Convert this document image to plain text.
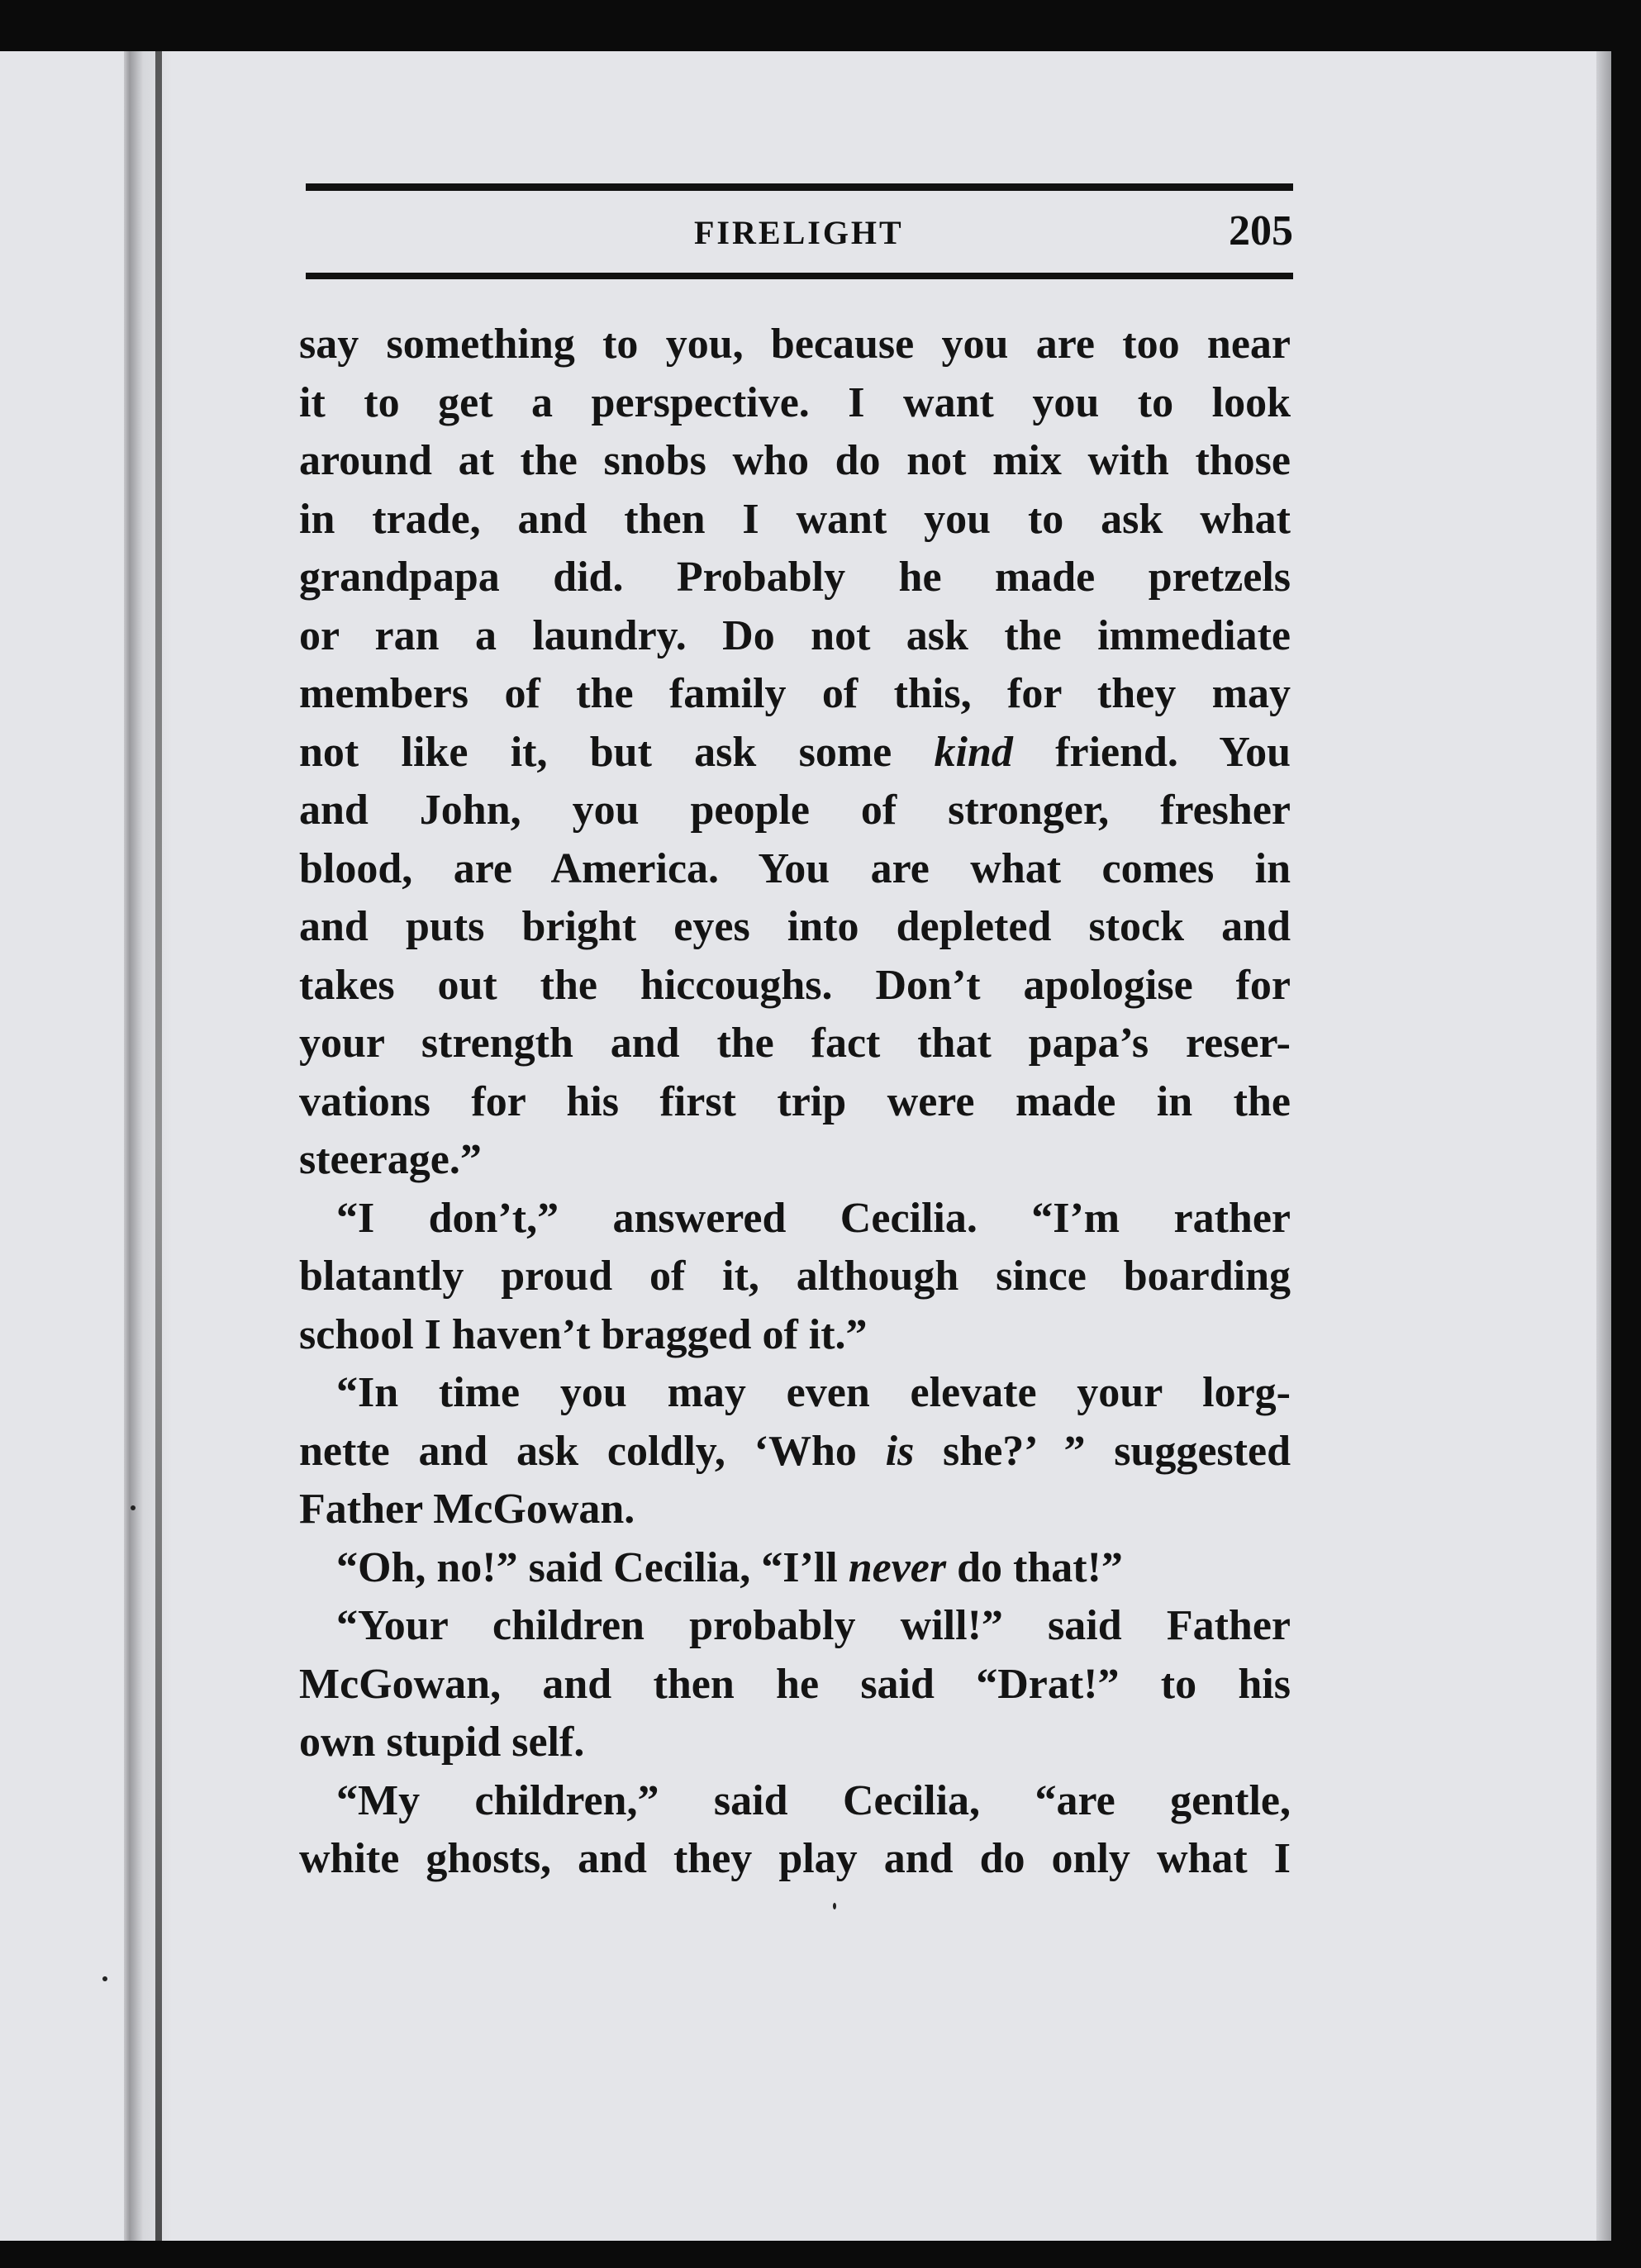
FIRELIGHT	205
say something to you, because you are too near
it to get a perspective. I want you to look
around at the snobs who do not mix with those
in trade, and then I want you to ask what
grandpapa did. Probably he made pretzels
or ran a laundry. Do not ask the immediate
members of the family of this, for they may
not like it, but ask some kind friend. You
and John, you people of stronger, fresher
blood, are America. You are what comes in
and puts bright eyes into depleted stock and
takes out the hiccoughs. Don’t apologise for
your strength and the fact that papa’s reser-
vations for his first trip were made in the
steerage.”
“I don’t,” answered Cecilia. “I’m rather
blatantly proud of it, although since boarding
school I haven’t bragged of it.”
“In time you may even elevate your lorg-
nette and ask coldly, ‘Who is she?’ ” suggested
Father McGowan.
“Oh, no!” said Cecilia, “I’ll never do that!”
“Your children probably will!” said Father
McGowan, and then he said “Drat!” to his
own stupid self.
“My children,” said Cecilia, “are gentle,
white ghosts, and they play and do only what I
